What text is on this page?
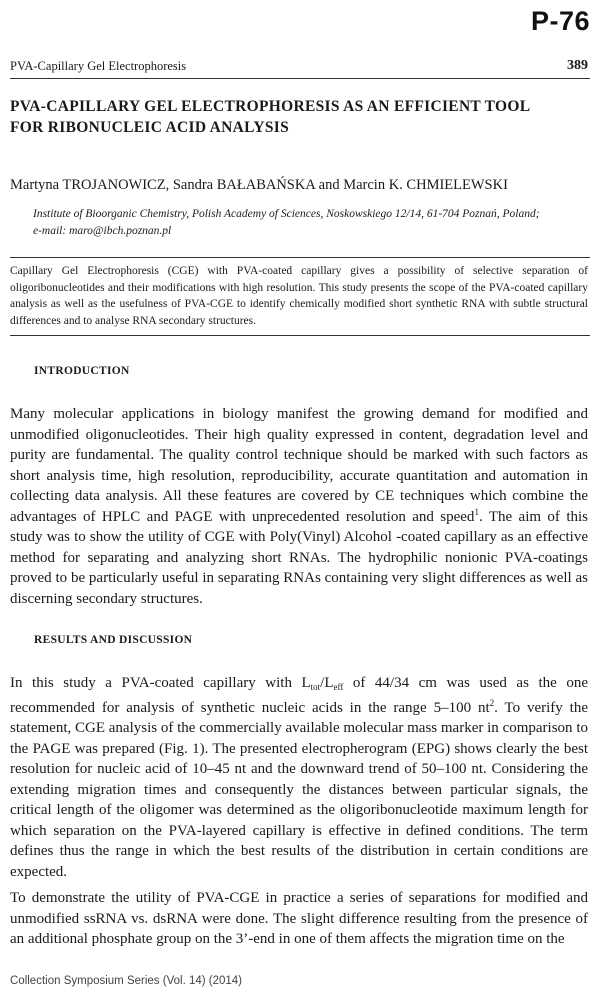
P-76
PVA-Capillary Gel Electrophoresis	389
PVA-CAPILLARY GEL ELECTROPHORESIS AS AN EFFICIENT TOOL
FOR RIBONUCLEIC ACID ANALYSIS
Martyna TROJANOWICZ, Sandra BAŁABAŃSKA and Marcin K. CHMIELEWSKI
Institute of Bioorganic Chemistry, Polish Academy of Sciences, Noskowskiego 12/14, 61-704 Poznań, Poland;
e-mail: maro@ibch.poznan.pl
Capillary Gel Electrophoresis (CGE) with PVA-coated capillary gives a possibility of selective separation of oligoribonucleotides and their modifications with high resolution. This study presents the scope of the PVA-coated capillary analysis as well as the usefulness of PVA-CGE to identify chemically modified short synthetic RNA with subtle structural differences and to analyse RNA secondary structures.
INTRODUCTION
Many molecular applications in biology manifest the growing demand for modified and unmodified oligonucleotides. Their high quality expressed in content, degradation level and purity are fundamental. The quality control technique should be marked with such factors as short analysis time, high resolution, reproducibility, accurate quantitation and automation in collecting data analysis. All these features are covered by CE techniques which combine the advantages of HPLC and PAGE with unprecedented resolution and speed$^1$. The aim of this study was to show the utility of CGE with Poly(Vinyl) Alcohol -coated capillary as an effective method for separating and analyzing short RNAs. The hydrophilic nonionic PVA-coatings proved to be particularly useful in separating RNAs containing very slight differences as well as discerning secondary structures.
RESULTS AND DISCUSSION
In this study a PVA-coated capillary with $L_{tot}/L_{eff}$ of 44/34 cm was used as the one recommended for analysis of synthetic nucleic acids in the range 5–100 $nt^2$. To verify the statement, CGE analysis of the commercially available molecular mass marker in comparison to the PAGE was prepared (Fig. 1). The presented electropherogram (EPG) shows clearly the best resolution for nucleic acid of 10–45 nt and the downward trend of 50–100 nt. Considering the extending migration times and consequently the distances between particular signals, the critical length of the oligomer was determined as the oligoribonucleotide maximum length for which separation on the PVA-layered capillary is effective in defined conditions. The term defines thus the range in which the best results of the distribution in certain conditions are expected.
To demonstrate the utility of PVA-CGE in practice a series of separations for modified and unmodified ssRNA vs. dsRNA were done. The slight difference resulting from the presence of an additional phosphate group on the 3’-end in one of them affects the migration time on the
Collection Symposium Series (Vol. 14) (2014)
